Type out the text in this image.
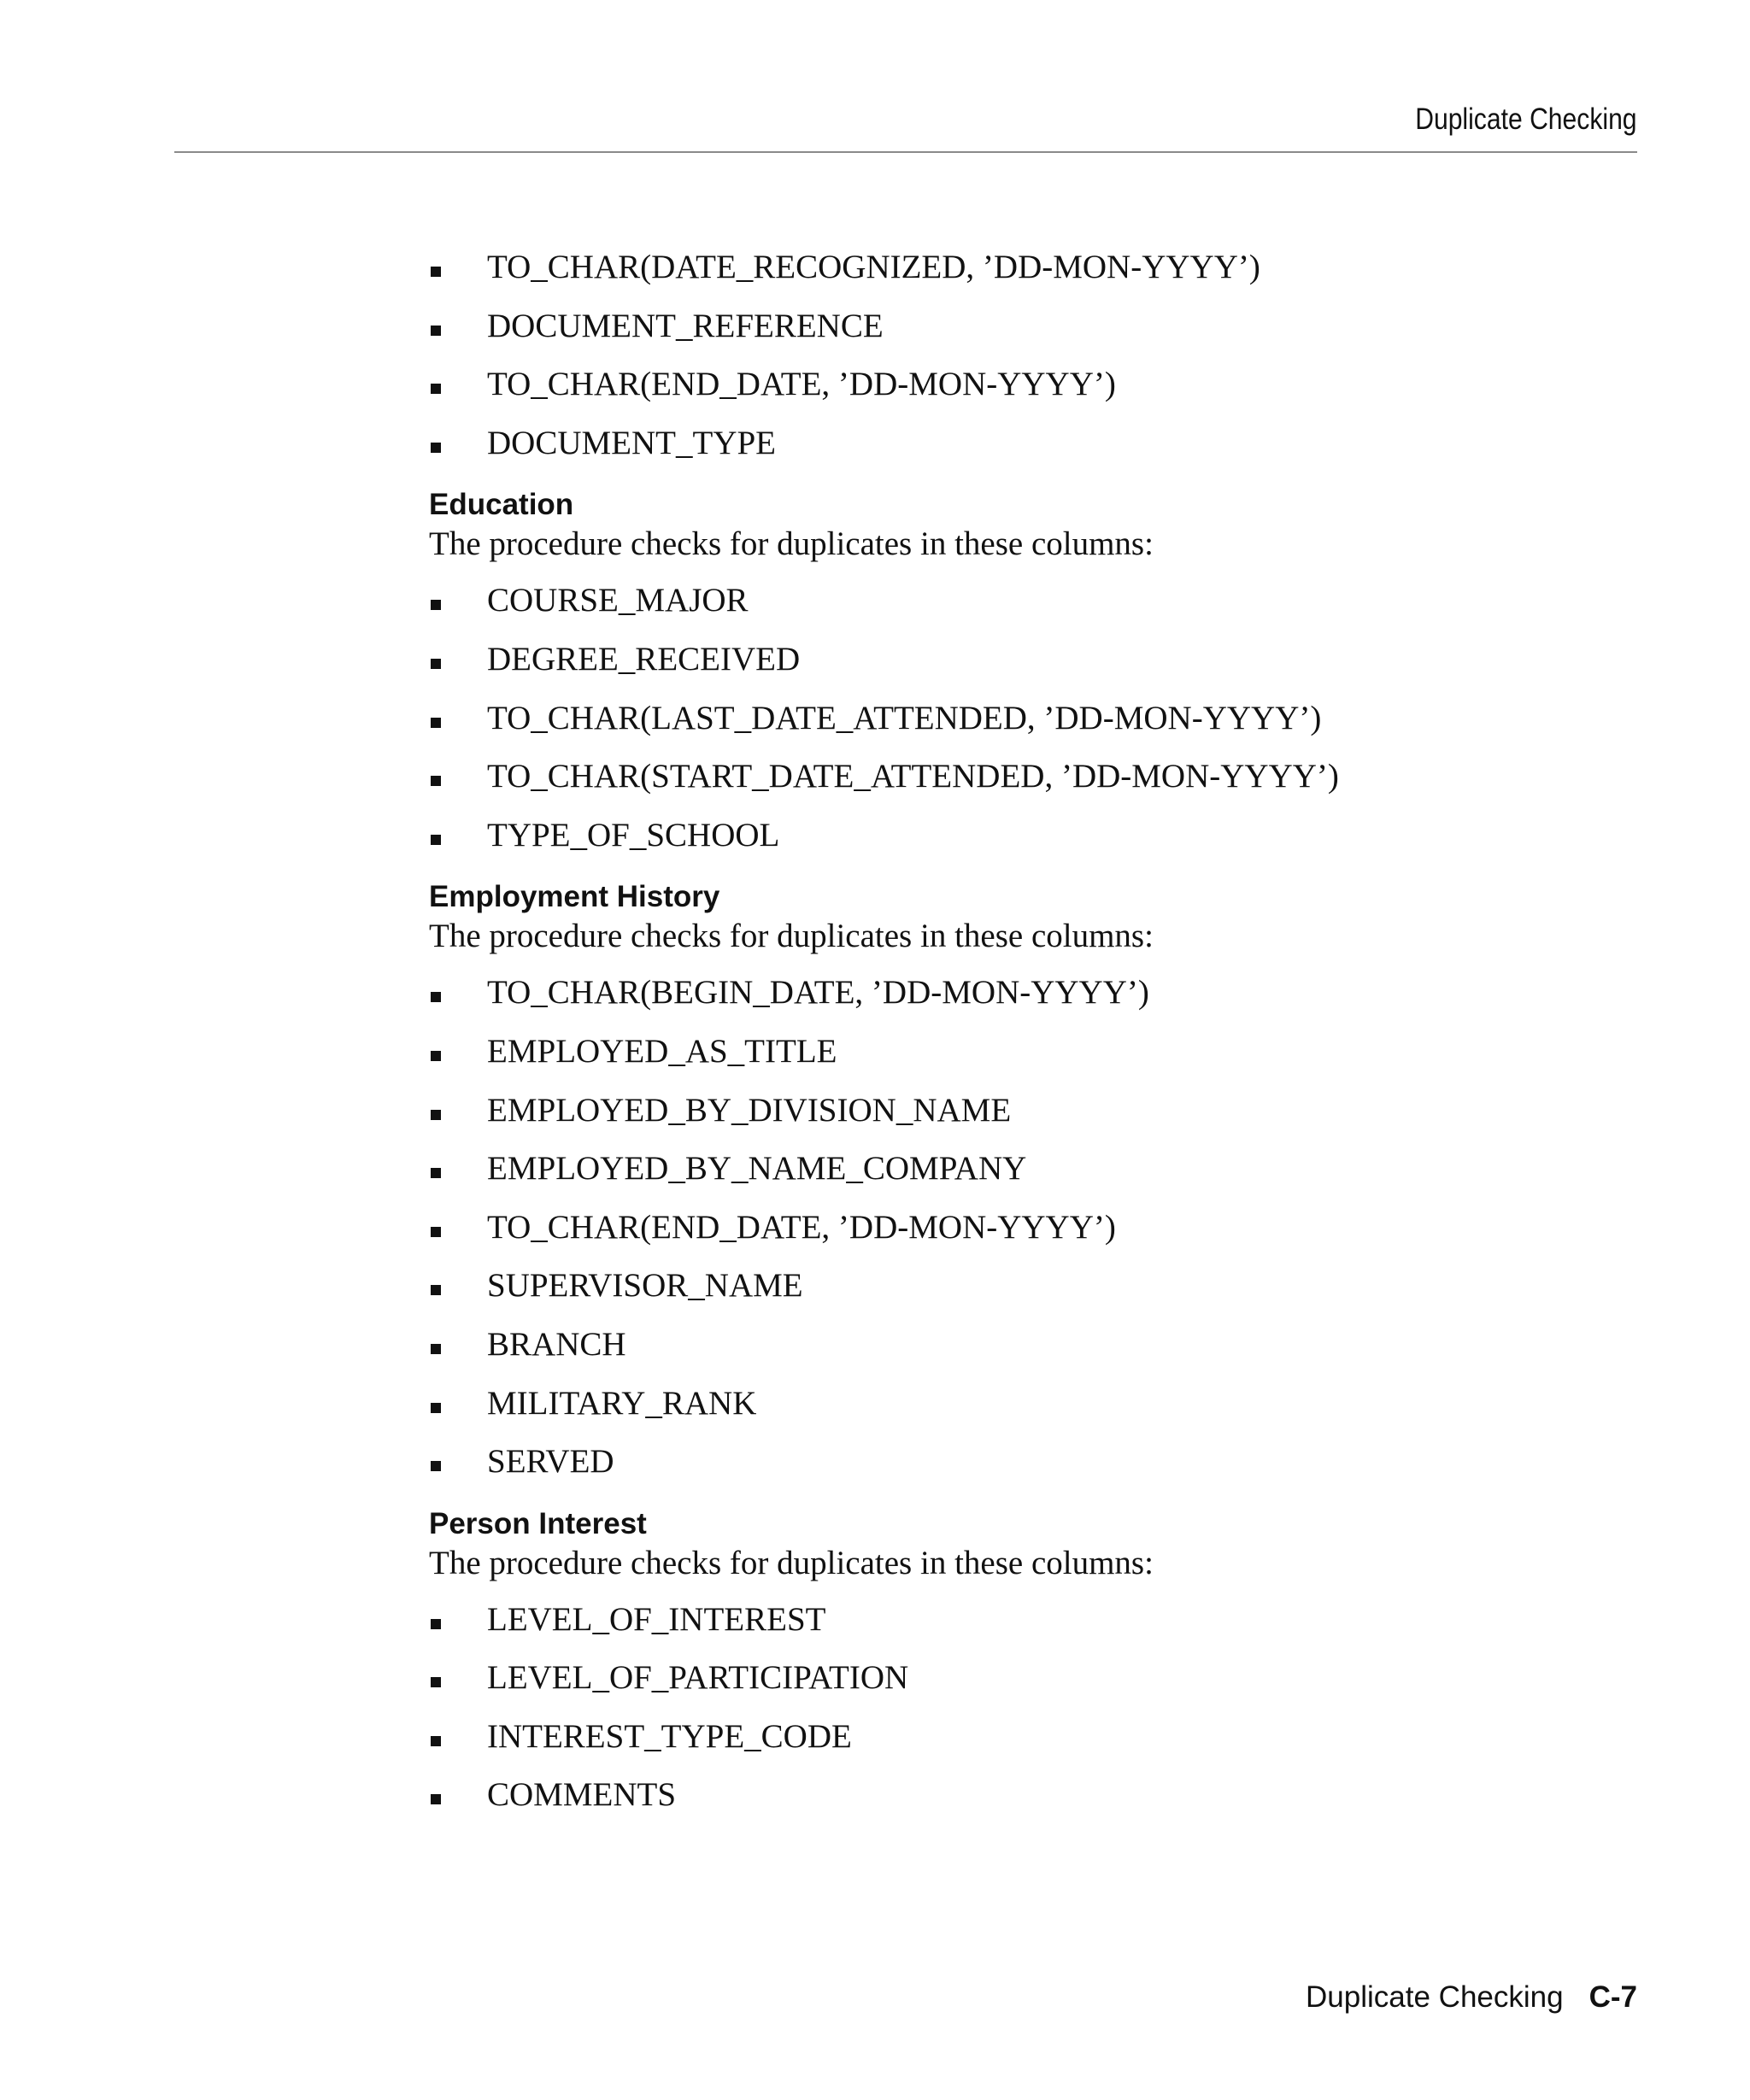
Duplicate Checking
TO_CHAR(DATE_RECOGNIZED, ’DD-MON-YYYY’)
DOCUMENT_REFERENCE
TO_CHAR(END_DATE, ’DD-MON-YYYY’)
DOCUMENT_TYPE
Education

The procedure checks for duplicates in these columns:

COURSE_MAJOR
DEGREE_RECEIVED
TO_CHAR(LAST_DATE_ATTENDED, ’DD-MON-YYYY’)
TO_CHAR(START_DATE_ATTENDED, ’DD-MON-YYYY’)
TYPE_OF_SCHOOL
Employment History

The procedure checks for duplicates in these columns:

TO_CHAR(BEGIN_DATE, ’DD-MON-YYYY’)
EMPLOYED_AS_TITLE
EMPLOYED_BY_DIVISION_NAME
EMPLOYED_BY_NAME_COMPANY
TO_CHAR(END_DATE, ’DD-MON-YYYY’)
SUPERVISOR_NAME
BRANCH
MILITARY_RANK
SERVED
Person Interest

The procedure checks for duplicates in these columns:

LEVEL_OF_INTEREST
LEVEL_OF_PARTICIPATION
INTEREST_TYPE_CODE
COMMENTS
Duplicate Checking C-7
